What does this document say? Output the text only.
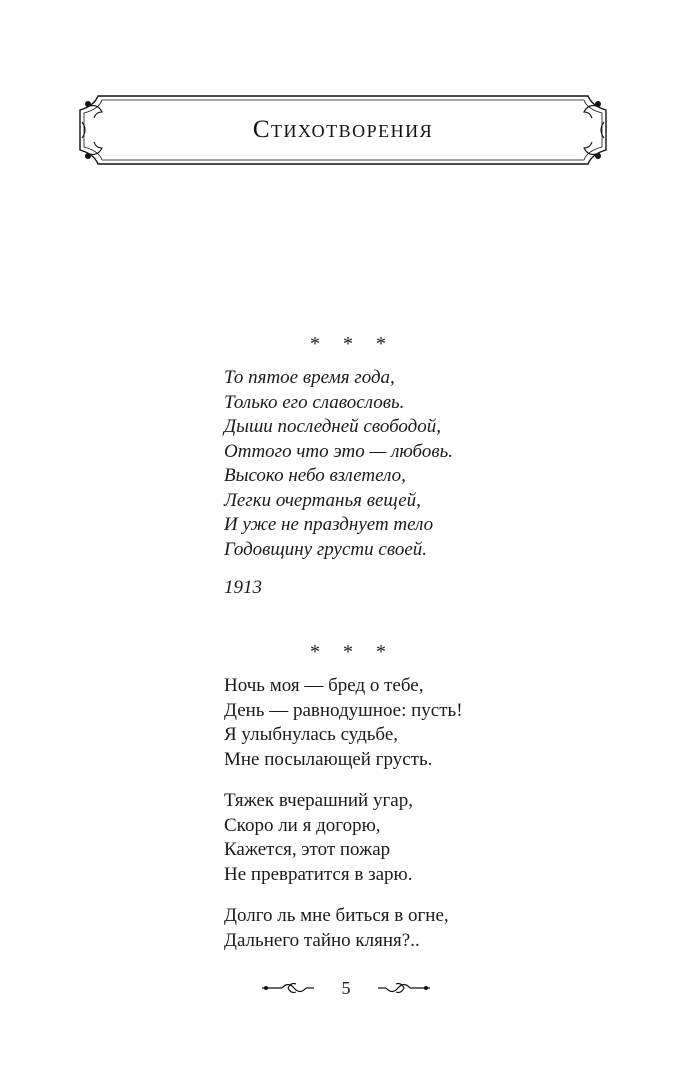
Стихотворения
* * *

То пятое время года,
Только его славословь.
Дыши последней свободой,
Оттого что это — любовь.
Высоко небо взлетело,
Легки очертанья вещей,
И уже не празднует тело
Годовщину грусти своей.

1913
* * *

Ночь моя — бред о тебе,
День — равнодушное: пусть!
Я улыбнулась судьбе,
Мне посылающей грусть.

Тяжек вчерашний угар,
Скоро ли я догорю,
Кажется, этот пожар
Не превратится в зарю.

Долго ль мне биться в огне,
Дальнего тайно кляня?..

5
